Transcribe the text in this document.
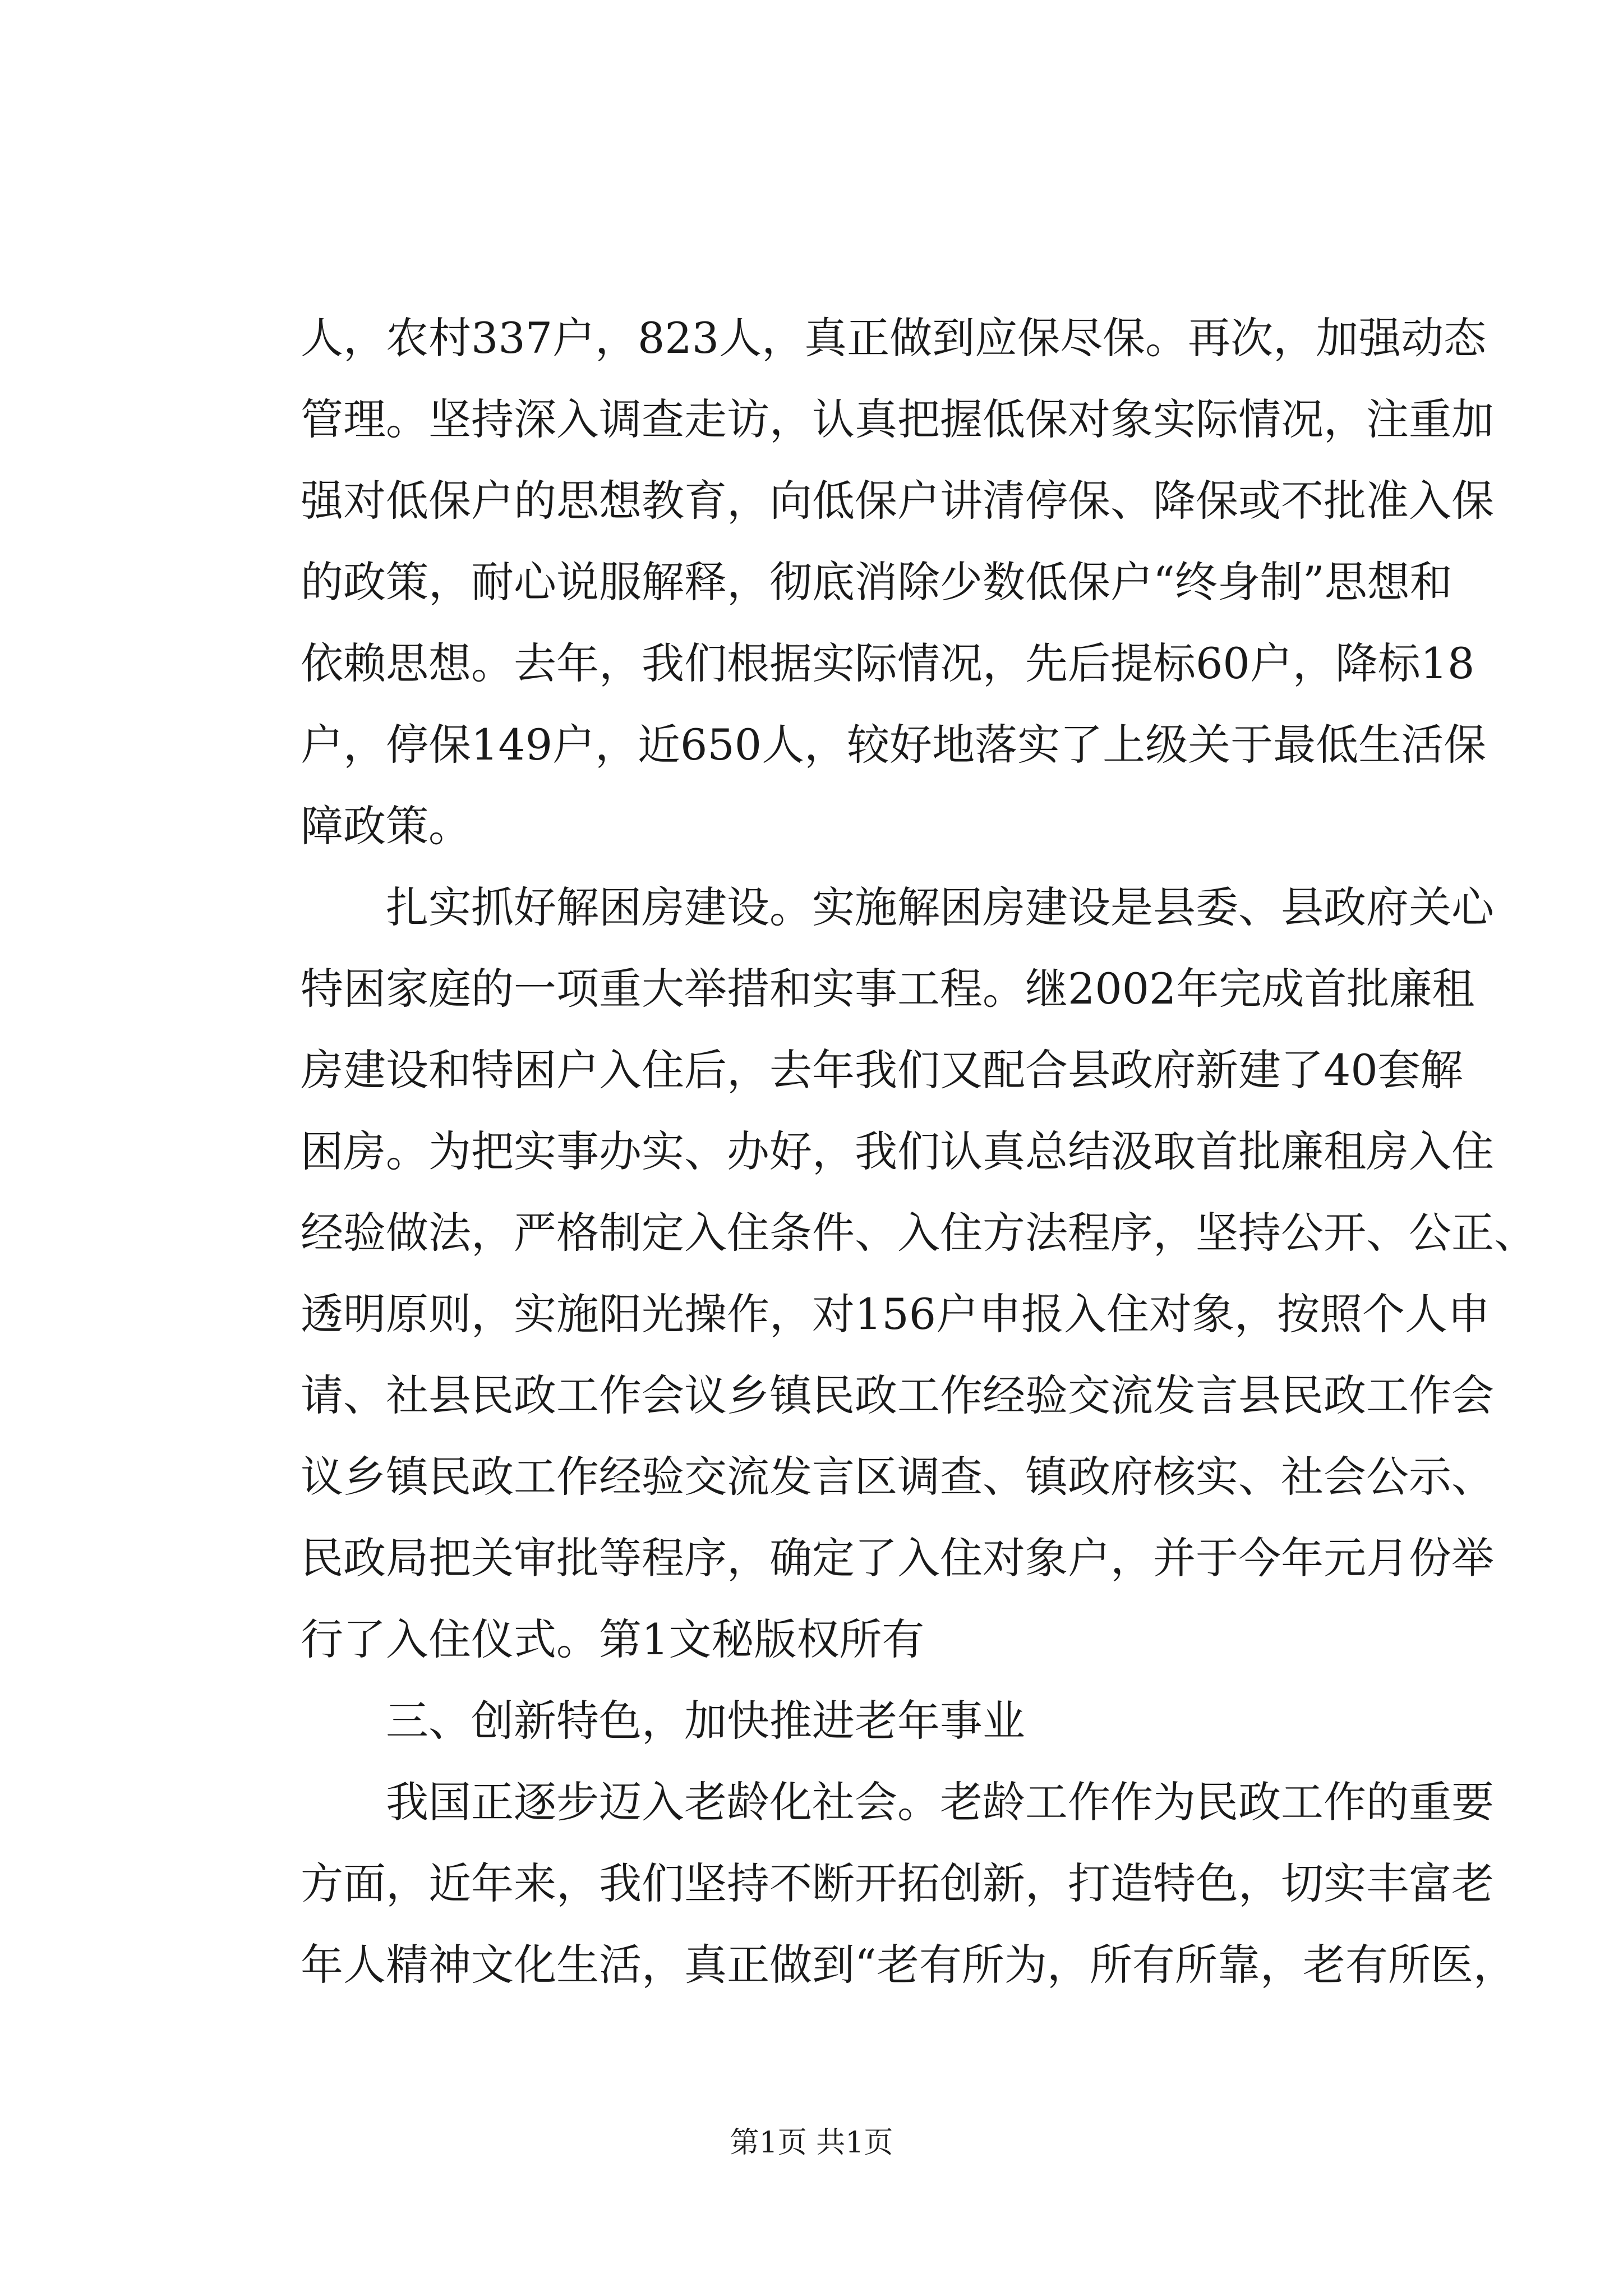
人，农村337户，823人，真正做到应保尽保。再次，加强动态
管理。坚持深入调查走访，认真把握低保对象实际情况，注重加
强对低保户的思想教育，向低保户讲清停保、降保或不批准入保
的政策，耐心说服解释，彻底消除少数低保户“终身制”思想和
依赖思想。去年，我们根据实际情况，先后提标60户，降标18
户，停保149户，近650人，较好地落实了上级关于最低生活保
障政策。
　　扎实抓好解困房建设。实施解困房建设是县委、县政府关心
特困家庭的一项重大举措和实事工程。继2002年完成首批廉租
房建设和特困户入住后，去年我们又配合县政府新建了40套解
困房。为把实事办实、办好，我们认真总结汲取首批廉租房入住
经验做法，严格制定入住条件、入住方法程序，坚持公开、公正、
透明原则，实施阳光操作，对156户申报入住对象，按照个人申
请、社县民政工作会议乡镇民政工作经验交流发言县民政工作会
议乡镇民政工作经验交流发言区调查、镇政府核实、社会公示、
民政局把关审批等程序，确定了入住对象户，并于今年元月份举
行了入住仪式。第1文秘版权所有
　　三、创新特色，加快推进老年事业
　　我国正逐步迈入老龄化社会。老龄工作作为民政工作的重要
方面，近年来，我们坚持不断开拓创新，打造特色，切实丰富老
年人精神文化生活，真正做到“老有所为，所有所靠，老有所医，
第1页 共1页
